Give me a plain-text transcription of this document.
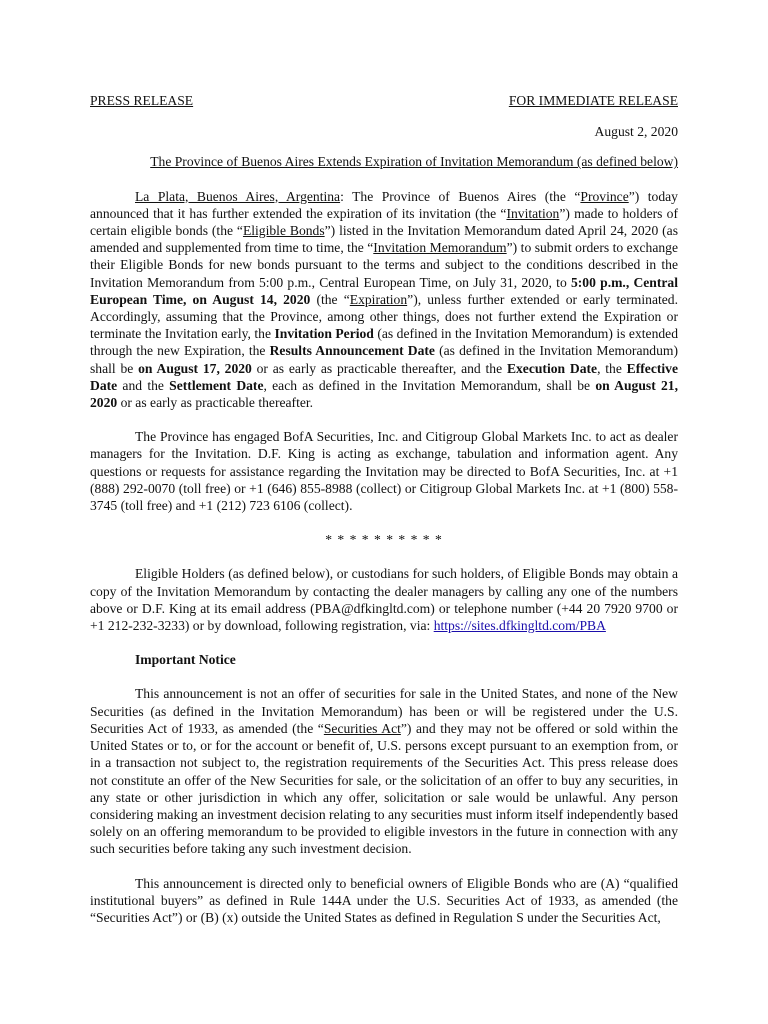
PRESS RELEASE	FOR IMMEDIATE RELEASE
August 2, 2020
The Province of Buenos Aires Extends Expiration of Invitation Memorandum (as defined below)

La Plata, Buenos Aires, Argentina: The Province of Buenos Aires (the “Province”) today announced that it has further extended the expiration of its invitation (the “Invitation”) made to holders of certain eligible bonds (the “Eligible Bonds”) listed in the Invitation Memorandum dated April 24, 2020 (as amended and supplemented from time to time, the “Invitation Memorandum”) to submit orders to exchange their Eligible Bonds for new bonds pursuant to the terms and subject to the conditions described in the Invitation Memorandum from 5:00 p.m., Central European Time, on July 31, 2020, to 5:00 p.m., Central European Time, on August 14, 2020 (the “Expiration”), unless further extended or early terminated. Accordingly, assuming that the Province, among other things, does not further extend the Expiration or terminate the Invitation early, the Invitation Period (as defined in the Invitation Memorandum) is extended through the new Expiration, the Results Announcement Date (as defined in the Invitation Memorandum) shall be on August 17, 2020 or as early as practicable thereafter, and the Execution Date, the Effective Date and the Settlement Date, each as defined in the Invitation Memorandum, shall be on August 21, 2020 or as early as practicable thereafter.

The Province has engaged BofA Securities, Inc. and Citigroup Global Markets Inc. to act as dealer managers for the Invitation. D.F. King is acting as exchange, tabulation and information agent. Any questions or requests for assistance regarding the Invitation may be directed to BofA Securities, Inc. at +1 (888) 292-0070 (toll free) or +1 (646) 855-8988 (collect) or Citigroup Global Markets Inc. at +1 (800) 558-3745 (toll free) and +1 (212) 723 6106 (collect).

* * * * * * * * * *

Eligible Holders (as defined below), or custodians for such holders, of Eligible Bonds may obtain a copy of the Invitation Memorandum by contacting the dealer managers by calling any one of the numbers above or D.F. King at its email address (PBA@dfkingltd.com) or telephone number (+44 20 7920 9700 or +1 212-232-3233) or by download, following registration, via: https://sites.dfkingltd.com/PBA

Important Notice

This announcement is not an offer of securities for sale in the United States, and none of the New Securities (as defined in the Invitation Memorandum) has been or will be registered under the U.S. Securities Act of 1933, as amended (the “Securities Act”) and they may not be offered or sold within the United States or to, or for the account or benefit of, U.S. persons except pursuant to an exemption from, or in a transaction not subject to, the registration requirements of the Securities Act. This press release does not constitute an offer of the New Securities for sale, or the solicitation of an offer to buy any securities, in any state or other jurisdiction in which any offer, solicitation or sale would be unlawful. Any person considering making an investment decision relating to any securities must inform itself independently based solely on an offering memorandum to be provided to eligible investors in the future in connection with any such securities before taking any such investment decision.

This announcement is directed only to beneficial owners of Eligible Bonds who are (A) “qualified institutional buyers” as defined in Rule 144A under the U.S. Securities Act of 1933, as amended (the “Securities Act”) or (B) (x) outside the United States as defined in Regulation S under the Securities Act,
